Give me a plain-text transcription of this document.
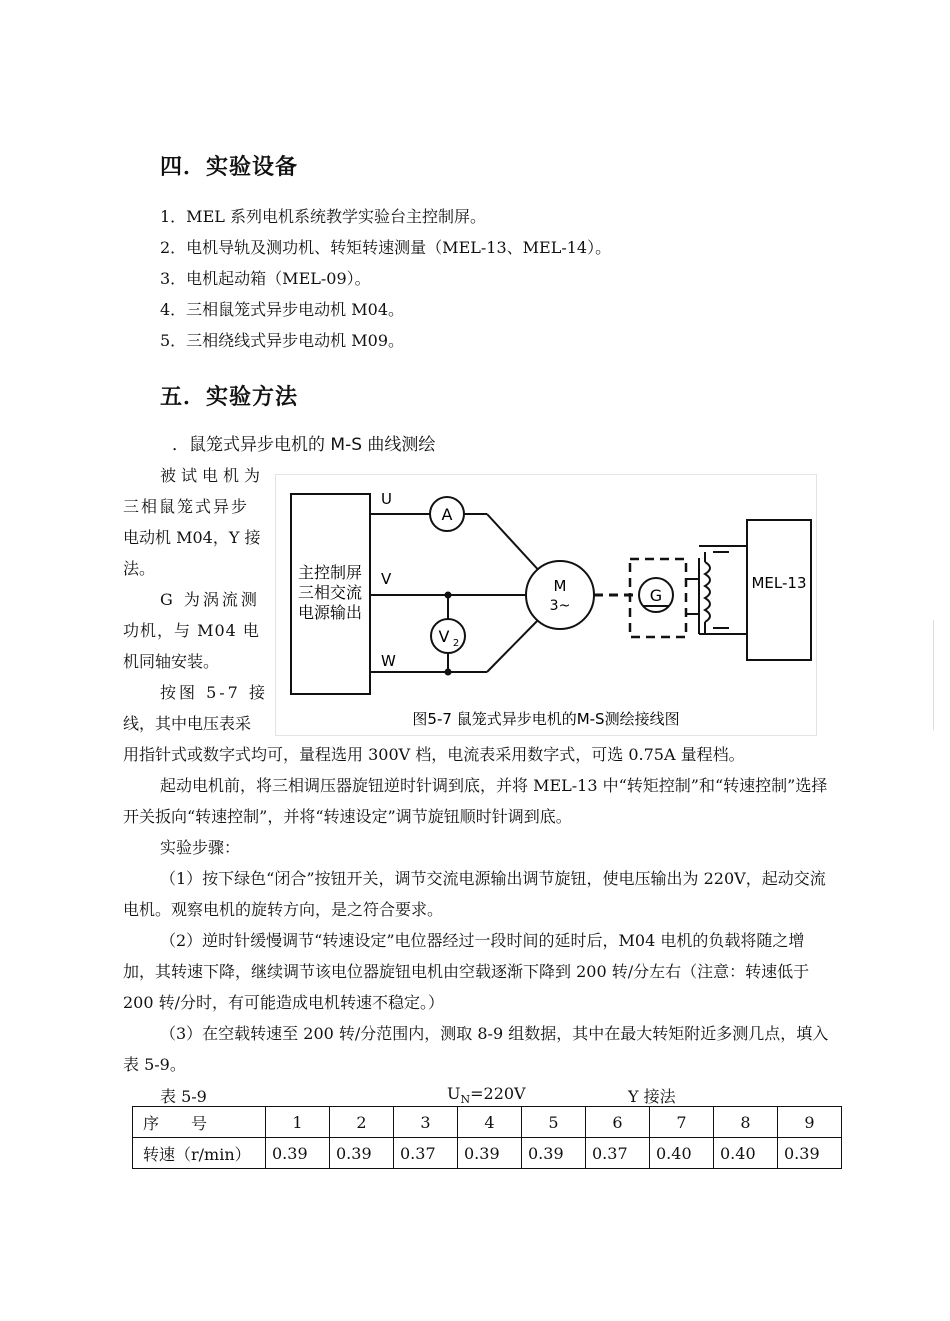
四．实验设备
1．MEL 系列电机系统教学实验台主控制屏。
2．电机导轨及测功机、转矩转速测量（MEL-13、MEL-14）。
3．电机起动箱（MEL-09）。
4．三相鼠笼式异步电动机 M04。
5．三相绕线式异步电动机 M09。
五．实验方法
．鼠笼式异步电机的 M-S 曲线测绘
被试电机为
三相鼠笼式异步
电动机 M04，Y 接
法。
G 为涡流测
功机，与 M04 电
机同轴安装。
按图 5-7 接
线，其中电压表采
主控制屏
三相交流
电源输出
U
A
V
W
V 2
M
3~
G
MEL-13
图5-7 鼠笼式异步电机的M-S测绘接线图
用指针式或数字式均可，量程选用 300V 档，电流表采用数字式，可选 0.75A 量程档。
起动电机前，将三相调压器旋钮逆时针调到底，并将 MEL-13 中“转矩控制”和“转速控制”选择开关扳向“转速控制”，并将“转速设定”调节旋钮顺时针调到底。
实验步骤：
（1）按下绿色“闭合”按钮开关，调节交流电源输出调节旋钮，使电压输出为 220V，起动交流电机。观察电机的旋转方向，是之符合要求。
（2）逆时针缓慢调节“转速设定”电位器经过一段时间的延时后，M04 电机的负载将随之增加，其转速下降，继续调节该电位器旋钮电机由空载逐渐下降到 200 转/分左右（注意：转速低于 200 转/分时，有可能造成电机转速不稳定。）
（3）在空载转速至 200 转/分范围内，测取 8-9 组数据，其中在最大转矩附近多测几点，填入表 5-9。
表 5-9	$U_N=220V$	Y 接法
序　　号	1	2	3	4	5	6	7	8	9
转速（r/min）	0.39	0.39	0.37	0.39	0.39	0.37	0.40	0.40	0.39
